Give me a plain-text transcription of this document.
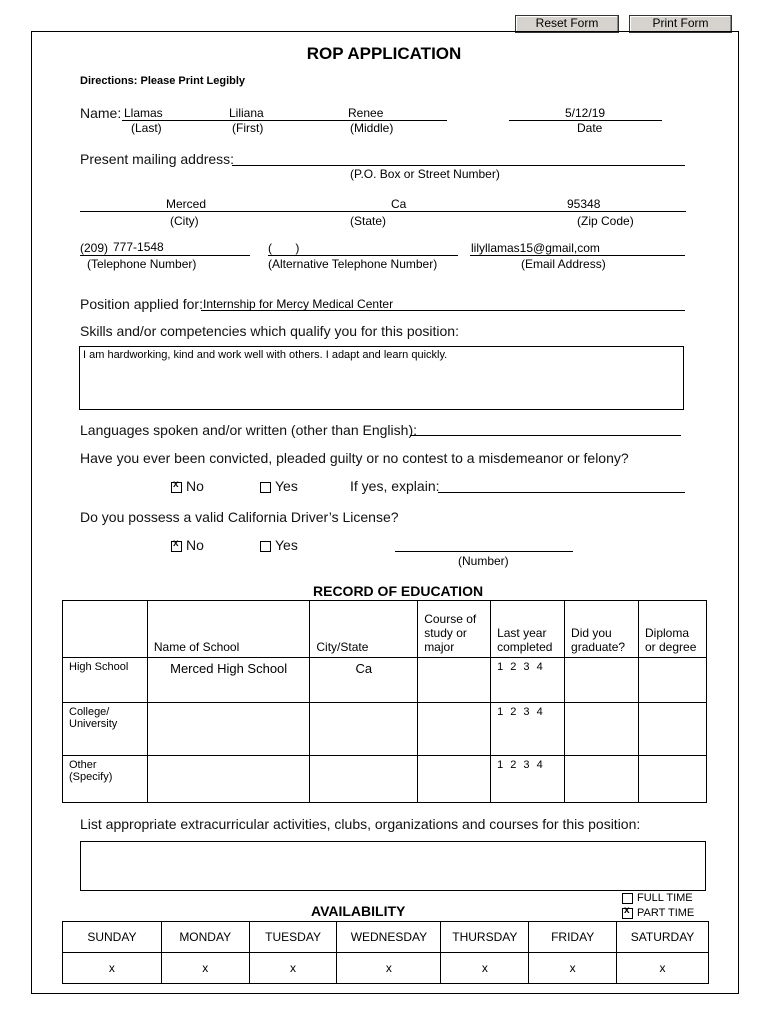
Reset Form	Print Form
ROP APPLICATION
Directions: Please Print Legibly
Name: Llamas	Liliana	Renee	5/12/19
(Last)	(First)	(Middle)	Date
Present mailing address:
(P.O. Box or Street Number)
Merced	Ca	95348
(City)	(State)	(Zip Code)
(209) 777-1548	(       )	lilyllamas15@gmail,com
(Telephone Number)	(Alternative Telephone Number)	(Email Address)
Position applied for: Internship for Mercy Medical Center
Skills and/or competencies which qualify you for this position:
I am hardworking, kind and work well with others. I adapt and learn quickly.
Languages spoken and/or written (other than English):
Have you ever been convicted, pleaded guilty or no contest to a misdemeanor or felony?
xNo	Yes	If yes, explain:
Do you possess a valid California Driver’s License?
xNo	Yes
(Number)
RECORD OF EDUCATION
	Name of School	City/State	Course of study or major	Last year completed	Did you graduate?	Diploma or degree
High School	Merced High School	Ca		1 2 3 4		
College/ University				1 2 3 4		
Other (Specify)				1 2 3 4		
List appropriate extracurricular activities, clubs, organizations and courses for this position:
AVAILABILITY
FULL TIME
xPART TIME
SUNDAY	MONDAY	TUESDAY	WEDNESDAY	THURSDAY	FRIDAY	SATURDAY
x	x	x	x	x	x	x
